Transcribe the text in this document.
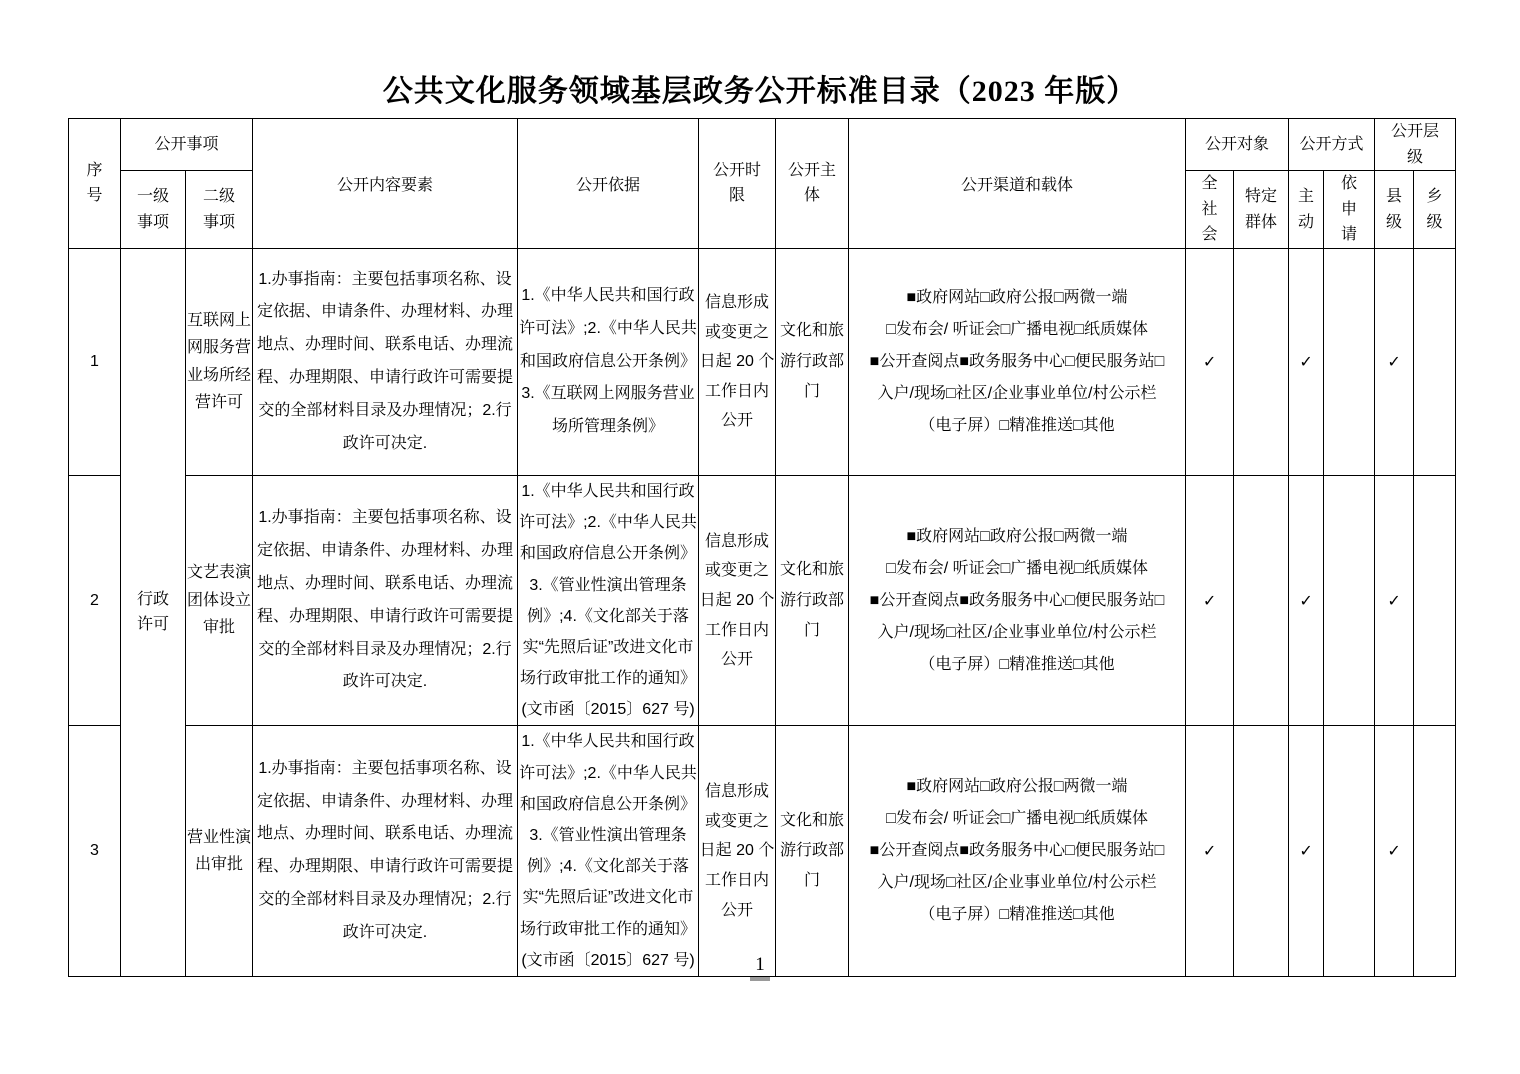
公共文化服务领域基层政务公开标准目录（2023 年版）
序号	公开事项		公开内容要素	公开依据	公开时限	公开主体	公开渠道和载体	公开对象		公开方式		公开层级	
	一级事项	二级事项						全社会	特定群体	主动	依申请	县级	乡级
1	行政许可	互联网上网服务营业场所经营许可	1.办事指南：主要包括事项名称、设定依据、申请条件、办理材料、办理地点、办理时间、联系电话、办理流程、办理期限、申请行政许可需要提交的全部材料目录及办理情况；2.行政许可决定.	1.《中华人民共和国行政许可法》;2.《中华人民共和国政府信息公开条例》3.《互联网上网服务营业场所管理条例》	信息形成或变更之日起 20 个工作日内公开	文化和旅游行政部门	■政府网站□政府公报□两微一端
□发布会/ 听证会□广播电视□纸质媒体
■公开查阅点■政务服务中心□便民服务站□
入户/现场□社区/企业事业单位/村公示栏
（电子屏）□精准推送□其他	✓		✓		✓	
2		文艺表演团体设立审批	1.办事指南：主要包括事项名称、设定依据、申请条件、办理材料、办理地点、办理时间、联系电话、办理流程、办理期限、申请行政许可需要提交的全部材料目录及办理情况；2.行政许可决定.	1.《中华人民共和国行政许可法》;2.《中华人民共和国政府信息公开条例》3.《管业性演出管理条例》;4.《文化部关于落实“先照后证”改进文化市场行政审批工作的通知》(文市函〔2015〕627 号)	信息形成或变更之日起 20 个工作日内公开	文化和旅游行政部门	■政府网站□政府公报□两微一端
□发布会/ 听证会□广播电视□纸质媒体
■公开查阅点■政务服务中心□便民服务站□
入户/现场□社区/企业事业单位/村公示栏
（电子屏）□精准推送□其他	✓		✓		✓	
3		营业性演出审批	1.办事指南：主要包括事项名称、设定依据、申请条件、办理材料、办理地点、办理时间、联系电话、办理流程、办理期限、申请行政许可需要提交的全部材料目录及办理情况；2.行政许可决定.	1.《中华人民共和国行政许可法》;2.《中华人民共和国政府信息公开条例》3.《管业性演出管理条例》;4.《文化部关于落实“先照后证”改进文化市场行政审批工作的通知》(文市函〔2015〕627 号)	信息形成或变更之日起 20 个工作日内公开	文化和旅游行政部门	■政府网站□政府公报□两微一端
□发布会/ 听证会□广播电视□纸质媒体
■公开查阅点■政务服务中心□便民服务站□
入户/现场□社区/企业事业单位/村公示栏
（电子屏）□精准推送□其他	✓		✓		✓	
1
